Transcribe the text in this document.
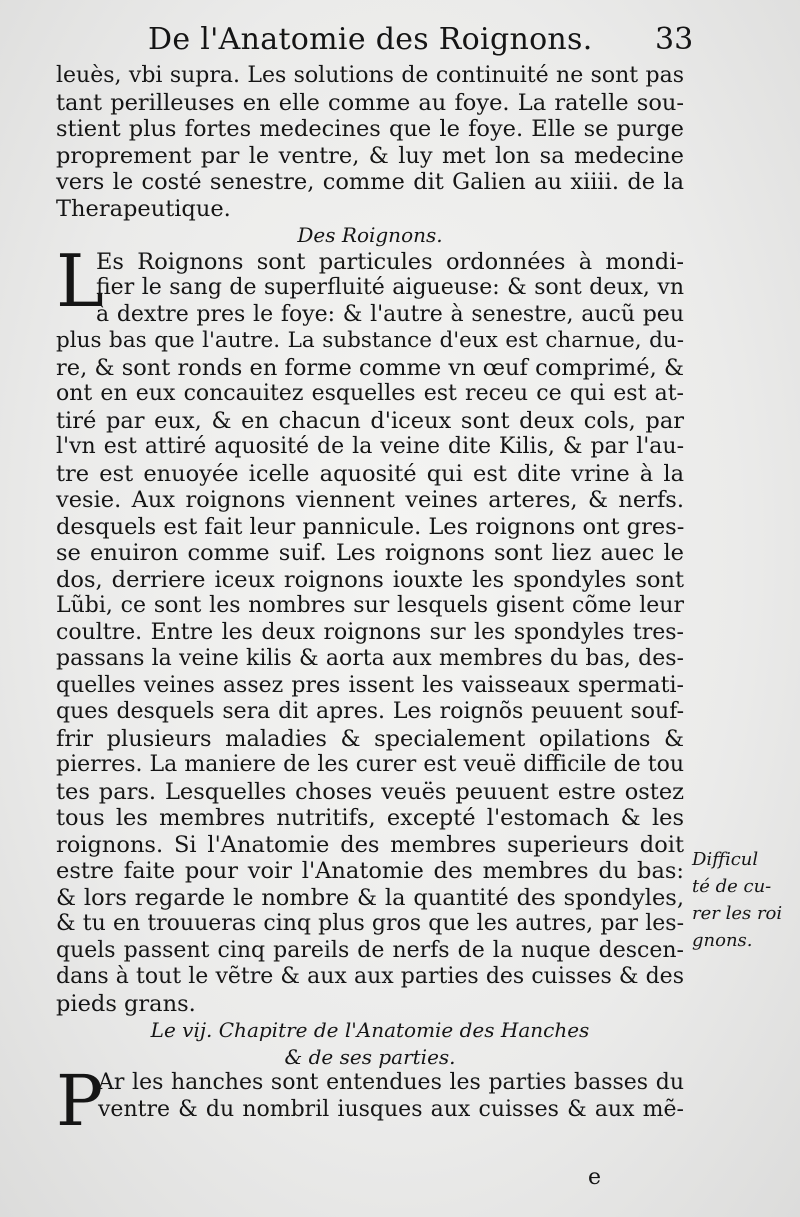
De l'Anatomie des Roignons. 33
leuès, vbi supra. Les solutions de continuité ne sont pas
tant perilleuses en elle comme au foye. La ratelle sou-
stient plus fortes medecines que le foye. Elle se purge
proprement par le ventre, & luy met lon sa medecine
vers le costé senestre, comme dit Galien au xiiii. de la
Therapeutique.
Des Roignons.
L
Es Roignons sont particules ordonnées à mondi-
fier le sang de superfluité aigueuse: & sont deux, vn
à dextre pres le foye: & l'autre à senestre, aucũ peu
plus bas que l'autre. La substance d'eux est charnue, du-
re, & sont ronds en forme comme vn œuf comprimé, &
ont en eux concauitez esquelles est receu ce qui est at-
tiré par eux, & en chacun d'iceux sont deux cols, par
l'vn est attiré aquosité de la veine dite Kilis, & par l'au-
tre est enuoyée icelle aquosité qui est dite vrine à la
vesie. Aux roignons viennent veines arteres, & nerfs.
desquels est fait leur pannicule. Les roignons ont gres-
se enuiron comme suif. Les roignons sont liez auec le
dos, derriere iceux roignons iouxte les spondyles sont
Lũbi, ce sont les nombres sur lesquels gisent cõme leur
coultre. Entre les deux roignons sur les spondyles tres-
passans la veine kilis & aorta aux membres du bas, des-
quelles veines assez pres issent les vaisseaux spermati-
ques desquels sera dit apres. Les roignõs peuuent souf-
frir plusieurs maladies & specialement opilations &
pierres. La maniere de les curer est veuë difficile de tou
tes pars. Lesquelles choses veuës peuuent estre ostez
tous les membres nutritifs, excepté l'estomach & les
roignons. Si l'Anatomie des membres superieurs doit
estre faite pour voir l'Anatomie des membres du bas:
& lors regarde le nombre & la quantité des spondyles,
& tu en trouueras cinq plus gros que les autres, par les-
quels passent cinq pareils de nerfs de la nuque descen-
dans à tout le vẽtre & aux aux parties des cuisses & des
pieds grans.
Le vij. Chapitre de l'Anatomie des Hanches
& de ses parties.
P
Ar les hanches sont entendues les parties basses du
ventre & du nombril iusques aux cuisses & aux mẽ-
Difficul
té de cu-
rer les roi
gnons.
e
